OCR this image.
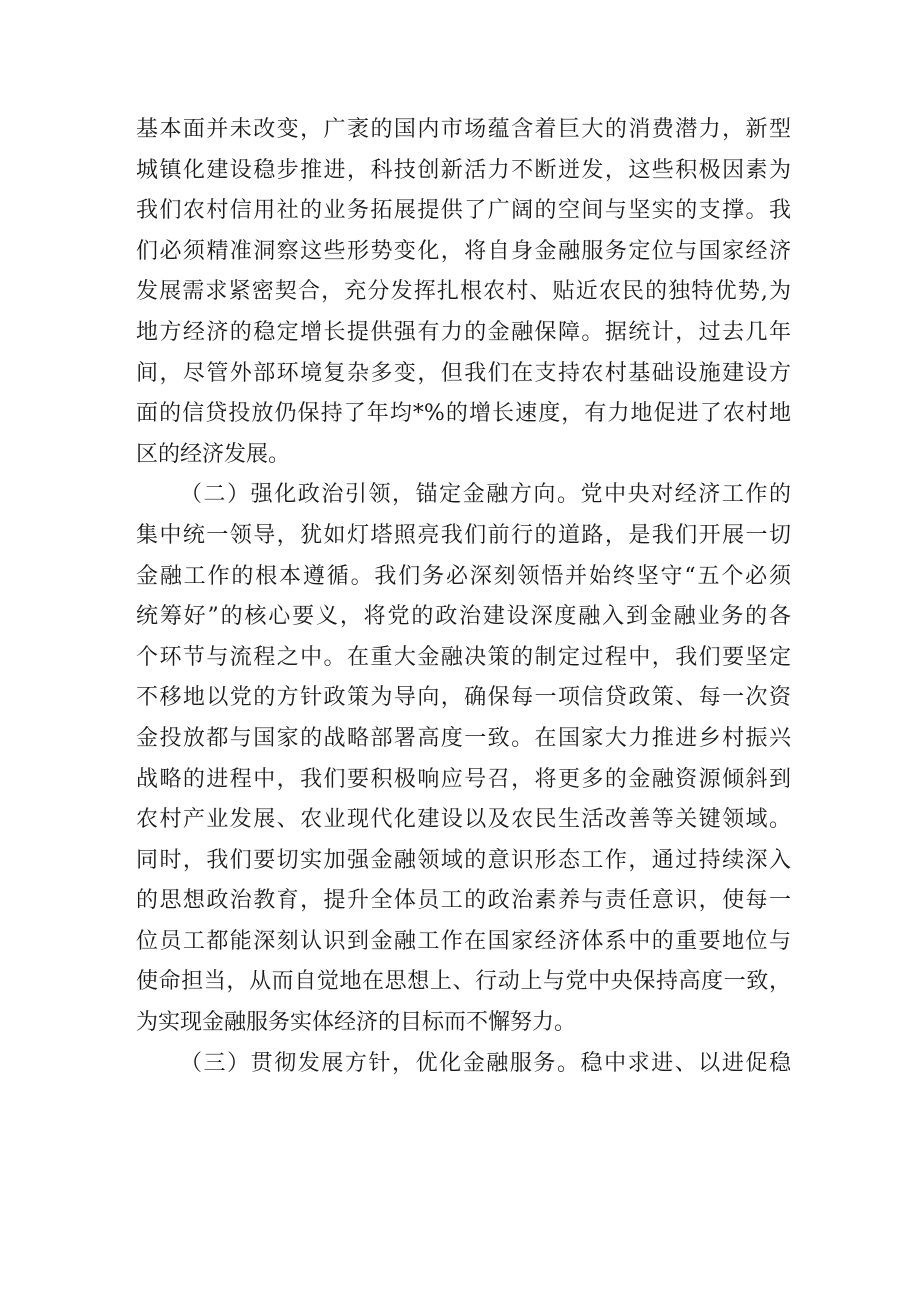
基本面并未改变，广袤的国内市场蕴含着巨大的消费潜力，新型
城镇化建设稳步推进，科技创新活力不断迸发，这些积极因素为
我们农村信用社的业务拓展提供了广阔的空间与坚实的支撑。我
们必须精准洞察这些形势变化，将自身金融服务定位与国家经济
发展需求紧密契合，充分发挥扎根农村、贴近农民的独特优势,为
地方经济的稳定增长提供强有力的金融保障。据统计，过去几年
间，尽管外部环境复杂多变，但我们在支持农村基础设施建设方
面的信贷投放仍保持了年均*%的增长速度，有力地促进了农村地
区的经济发展。
（二）强化政治引领，锚定金融方向。党中央对经济工作的
集中统一领导，犹如灯塔照亮我们前行的道路，是我们开展一切
金融工作的根本遵循。我们务必深刻领悟并始终坚守“五个必须
统筹好”的核心要义，将党的政治建设深度融入到金融业务的各
个环节与流程之中。在重大金融决策的制定过程中，我们要坚定
不移地以党的方针政策为导向，确保每一项信贷政策、每一次资
金投放都与国家的战略部署高度一致。在国家大力推进乡村振兴
战略的进程中，我们要积极响应号召，将更多的金融资源倾斜到
农村产业发展、农业现代化建设以及农民生活改善等关键领域。
同时，我们要切实加强金融领域的意识形态工作，通过持续深入
的思想政治教育，提升全体员工的政治素养与责任意识，使每一
位员工都能深刻认识到金融工作在国家经济体系中的重要地位与
使命担当，从而自觉地在思想上、行动上与党中央保持高度一致，
为实现金融服务实体经济的目标而不懈努力。
（三）贯彻发展方针，优化金融服务。稳中求进、以进促稳
